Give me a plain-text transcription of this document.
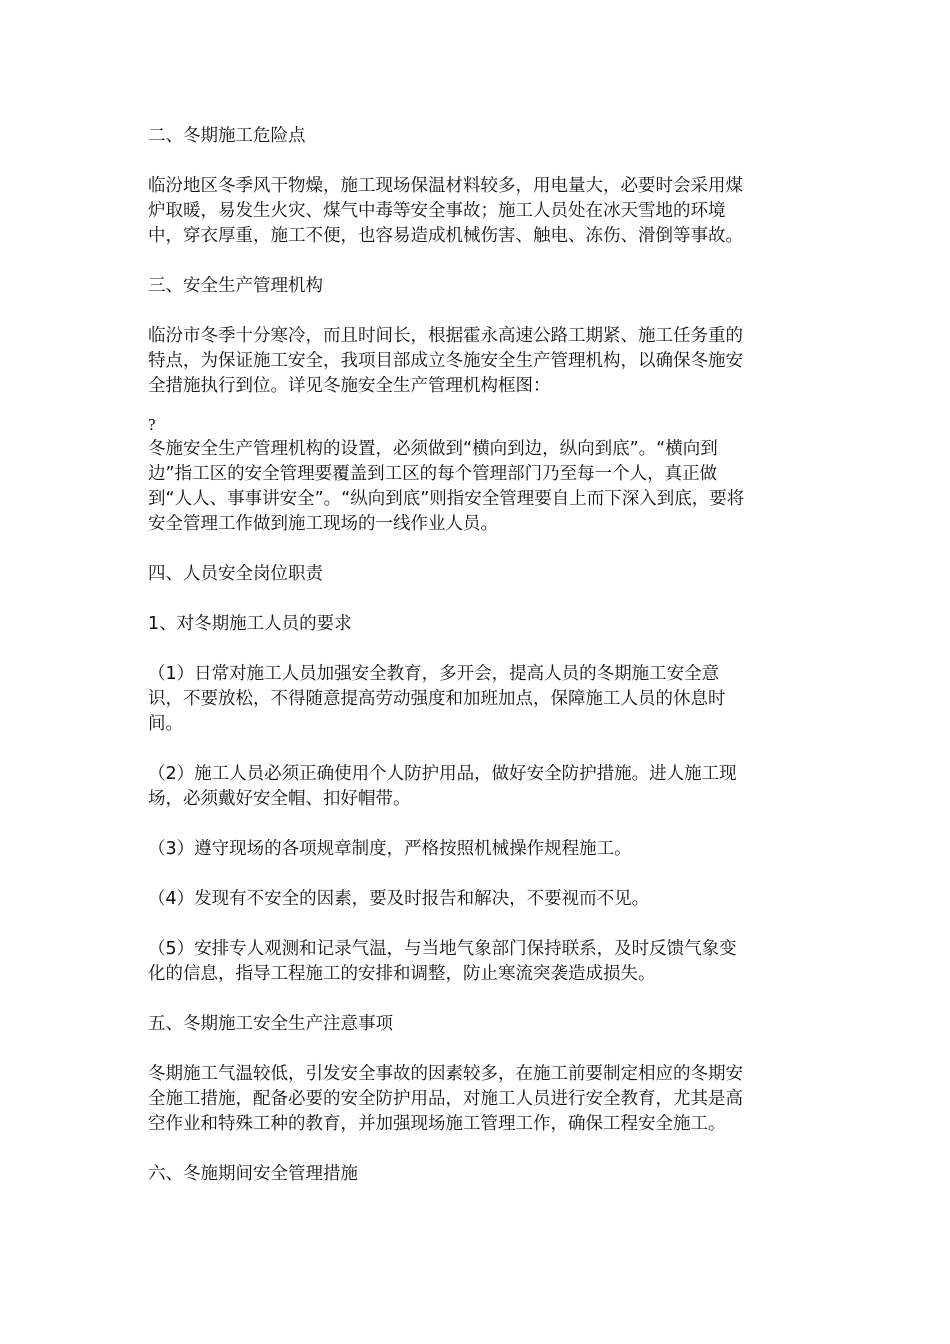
二、冬期施工危险点

临汾地区冬季风干物燥，施工现场保温材料较多，用电量大，必要时会采用煤
炉取暖，易发生火灾、煤气中毒等安全事故；施工人员处在冰天雪地的环境
中，穿衣厚重，施工不便，也容易造成机械伤害、触电、冻伤、滑倒等事故。

三、安全生产管理机构

临汾市冬季十分寒冷，而且时间长，根据霍永高速公路工期紧、施工任务重的
特点，为保证施工安全，我项目部成立冬施安全生产管理机构，以确保冬施安
全措施执行到位。详见冬施安全生产管理机构框图：

?

冬施安全生产管理机构的设置，必须做到“横向到边，纵向到底”。“横向到
边”指工区的安全管理要覆盖到工区的每个管理部门乃至每一个人，真正做
到“人人、事事讲安全”。“纵向到底”则指安全管理要自上而下深入到底，要将
安全管理工作做到施工现场的一线作业人员。

四、人员安全岗位职责

1、对冬期施工人员的要求

（1）日常对施工人员加强安全教育，多开会，提高人员的冬期施工安全意
识，不要放松，不得随意提高劳动强度和加班加点，保障施工人员的休息时
间。

（2）施工人员必须正确使用个人防护用品，做好安全防护措施。进人施工现
场，必须戴好安全帽、扣好帽带。

（3）遵守现场的各项规章制度，严格按照机械操作规程施工。

（4）发现有不安全的因素，要及时报告和解决，不要视而不见。

（5）安排专人观测和记录气温，与当地气象部门保持联系，及时反馈气象变
化的信息，指导工程施工的安排和调整，防止寒流突袭造成损失。

五、冬期施工安全生产注意事项

冬期施工气温较低，引发安全事故的因素较多，在施工前要制定相应的冬期安
全施工措施，配备必要的安全防护用品，对施工人员进行安全教育，尤其是高
空作业和特殊工种的教育，并加强现场施工管理工作，确保工程安全施工。

六、冬施期间安全管理措施
